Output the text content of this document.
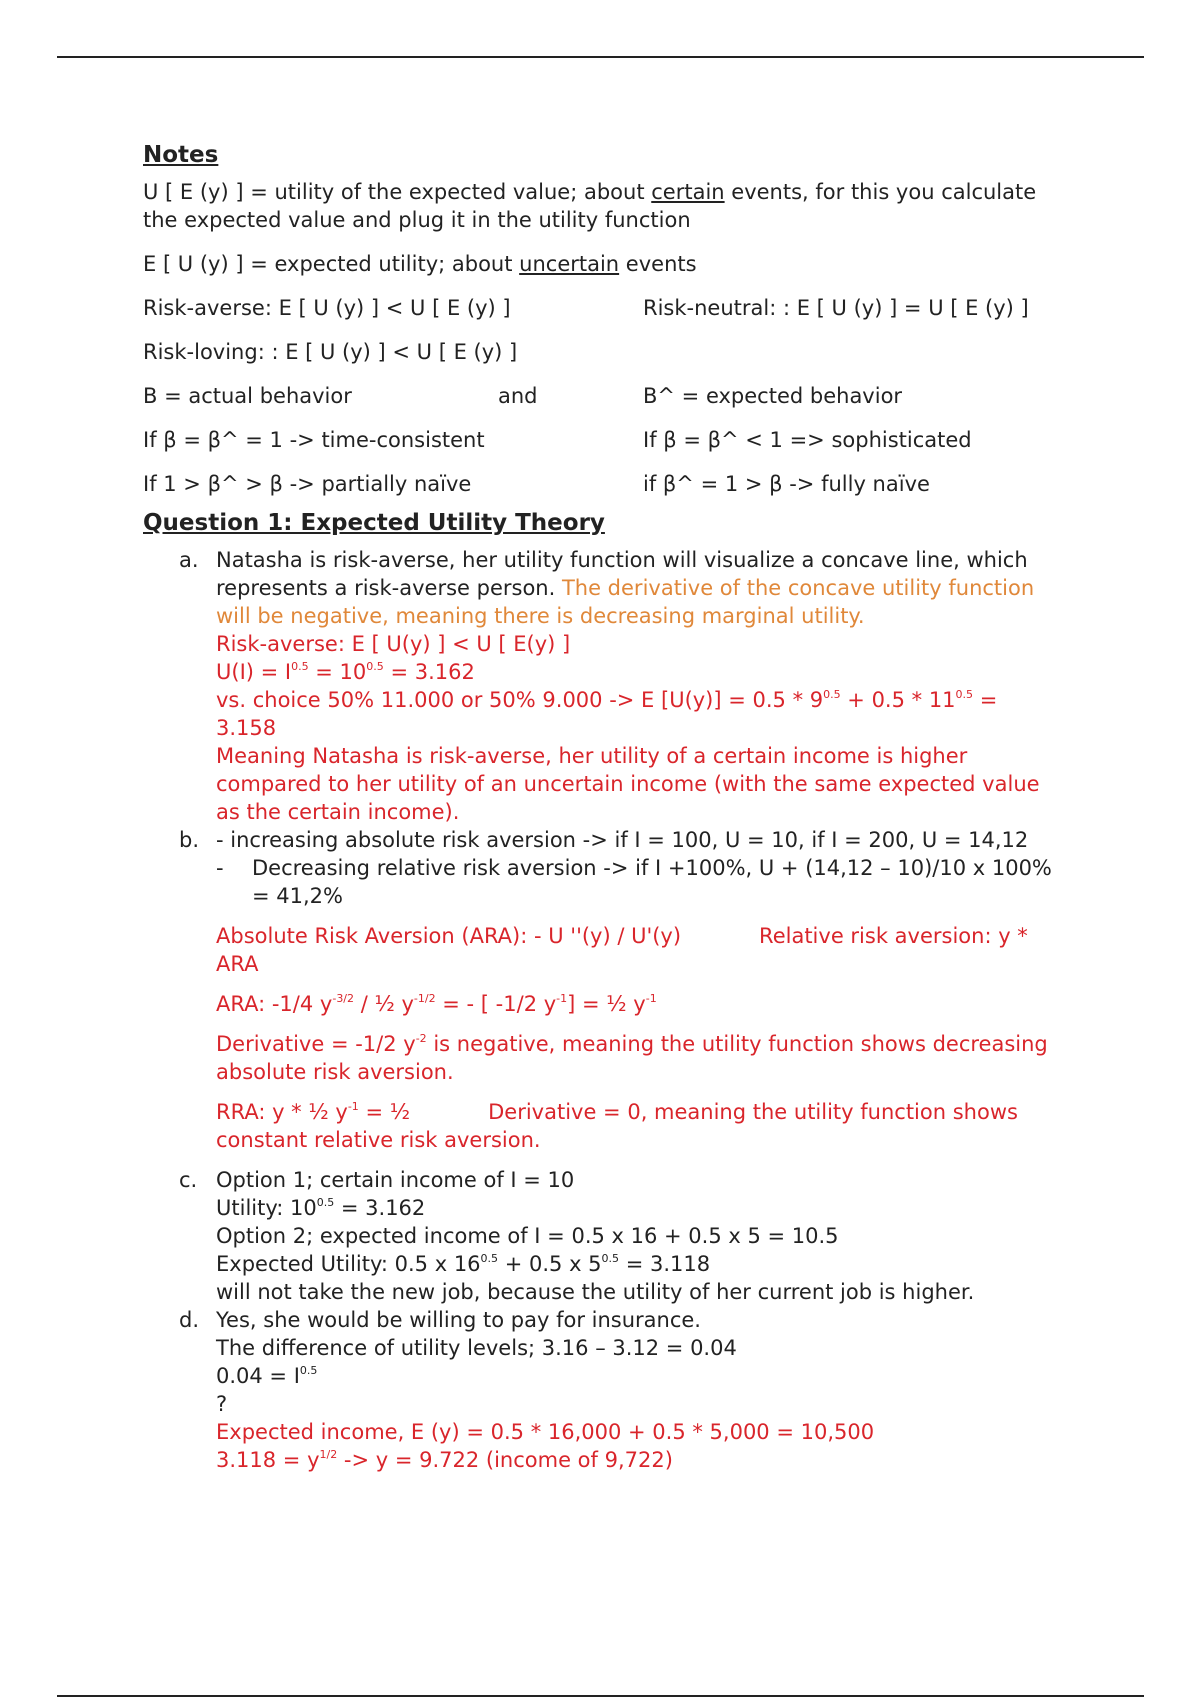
Notes
U [ E (y) ] = utility of the expected value; about certain events, for this you calculate the expected value and plug it in the utility function
E [ U (y) ] = expected utility; about uncertain events
Risk-averse: E [ U (y) ] < U [ E (y) ]	Risk-neutral: : E [ U (y) ] = U [ E (y) ]
Risk-loving: : E [ U (y) ] < U [ E (y) ]
B = actual behavior	and	B^ = expected behavior
If β = β^ = 1 -> time-consistent	If β = β^ < 1 => sophisticated
If 1 > β^ > β -> partially naïve	if β^ = 1 > β -> fully naïve
Question 1: Expected Utility Theory
a. Natasha is risk-averse, her utility function will visualize a concave line, which represents a risk-averse person. The derivative of the concave utility function will be negative, meaning there is decreasing marginal utility.
Risk-averse: E [ U(y) ] < U [ E(y) ]
$U(I) = I^{0.5} = 10^{0.5} = 3.162$
vs. choice 50% 11.000 or 50% 9.000 -> E $[U(y)] = 0.5 * 9^{0.5} + 0.5 * 11^{0.5} = 3.158$
Meaning Natasha is risk-averse, her utility of a certain income is higher compared to her utility of an uncertain income (with the same expected value as the certain income).
b. - increasing absolute risk aversion -> if I = 100, U = 10, if I = 200, U = 14,12
- Decreasing relative risk aversion -> if I +100%, U + (14,12 – 10)/10 x 100% = 41,2%
Absolute Risk Aversion (ARA): - U ''(y) / U'(y)	Relative risk aversion: y * ARA
ARA: -1/4 $y^{-3/2}$ / ½ $y^{-1/2}$ = - [ -1/2 $y^{-1}$] = ½ $y^{-1}$
Derivative = -1/2 $y^{-2}$ is negative, meaning the utility function shows decreasing absolute risk aversion.
RRA: y * ½ $y^{-1}$ = ½	Derivative = 0, meaning the utility function shows constant relative risk aversion.
c. Option 1; certain income of I = 10
Utility: $10^{0.5} = 3.162$
Option 2; expected income of I = 0.5 x 16 + 0.5 x 5 = 10.5
Expected Utility: 0.5 x $16^{0.5} + 0.5$ x $5^{0.5} = 3.118$
will not take the new job, because the utility of her current job is higher.
d. Yes, she would be willing to pay for insurance.
The difference of utility levels; 3.16 – 3.12 = 0.04
$0.04 = I^{0.5}$
?
Expected income, E (y) = 0.5 * 16,000 + 0.5 * 5,000 = 10,500
$3.118 = y^{1/2} -> y = 9.722$ (income of 9,722)
